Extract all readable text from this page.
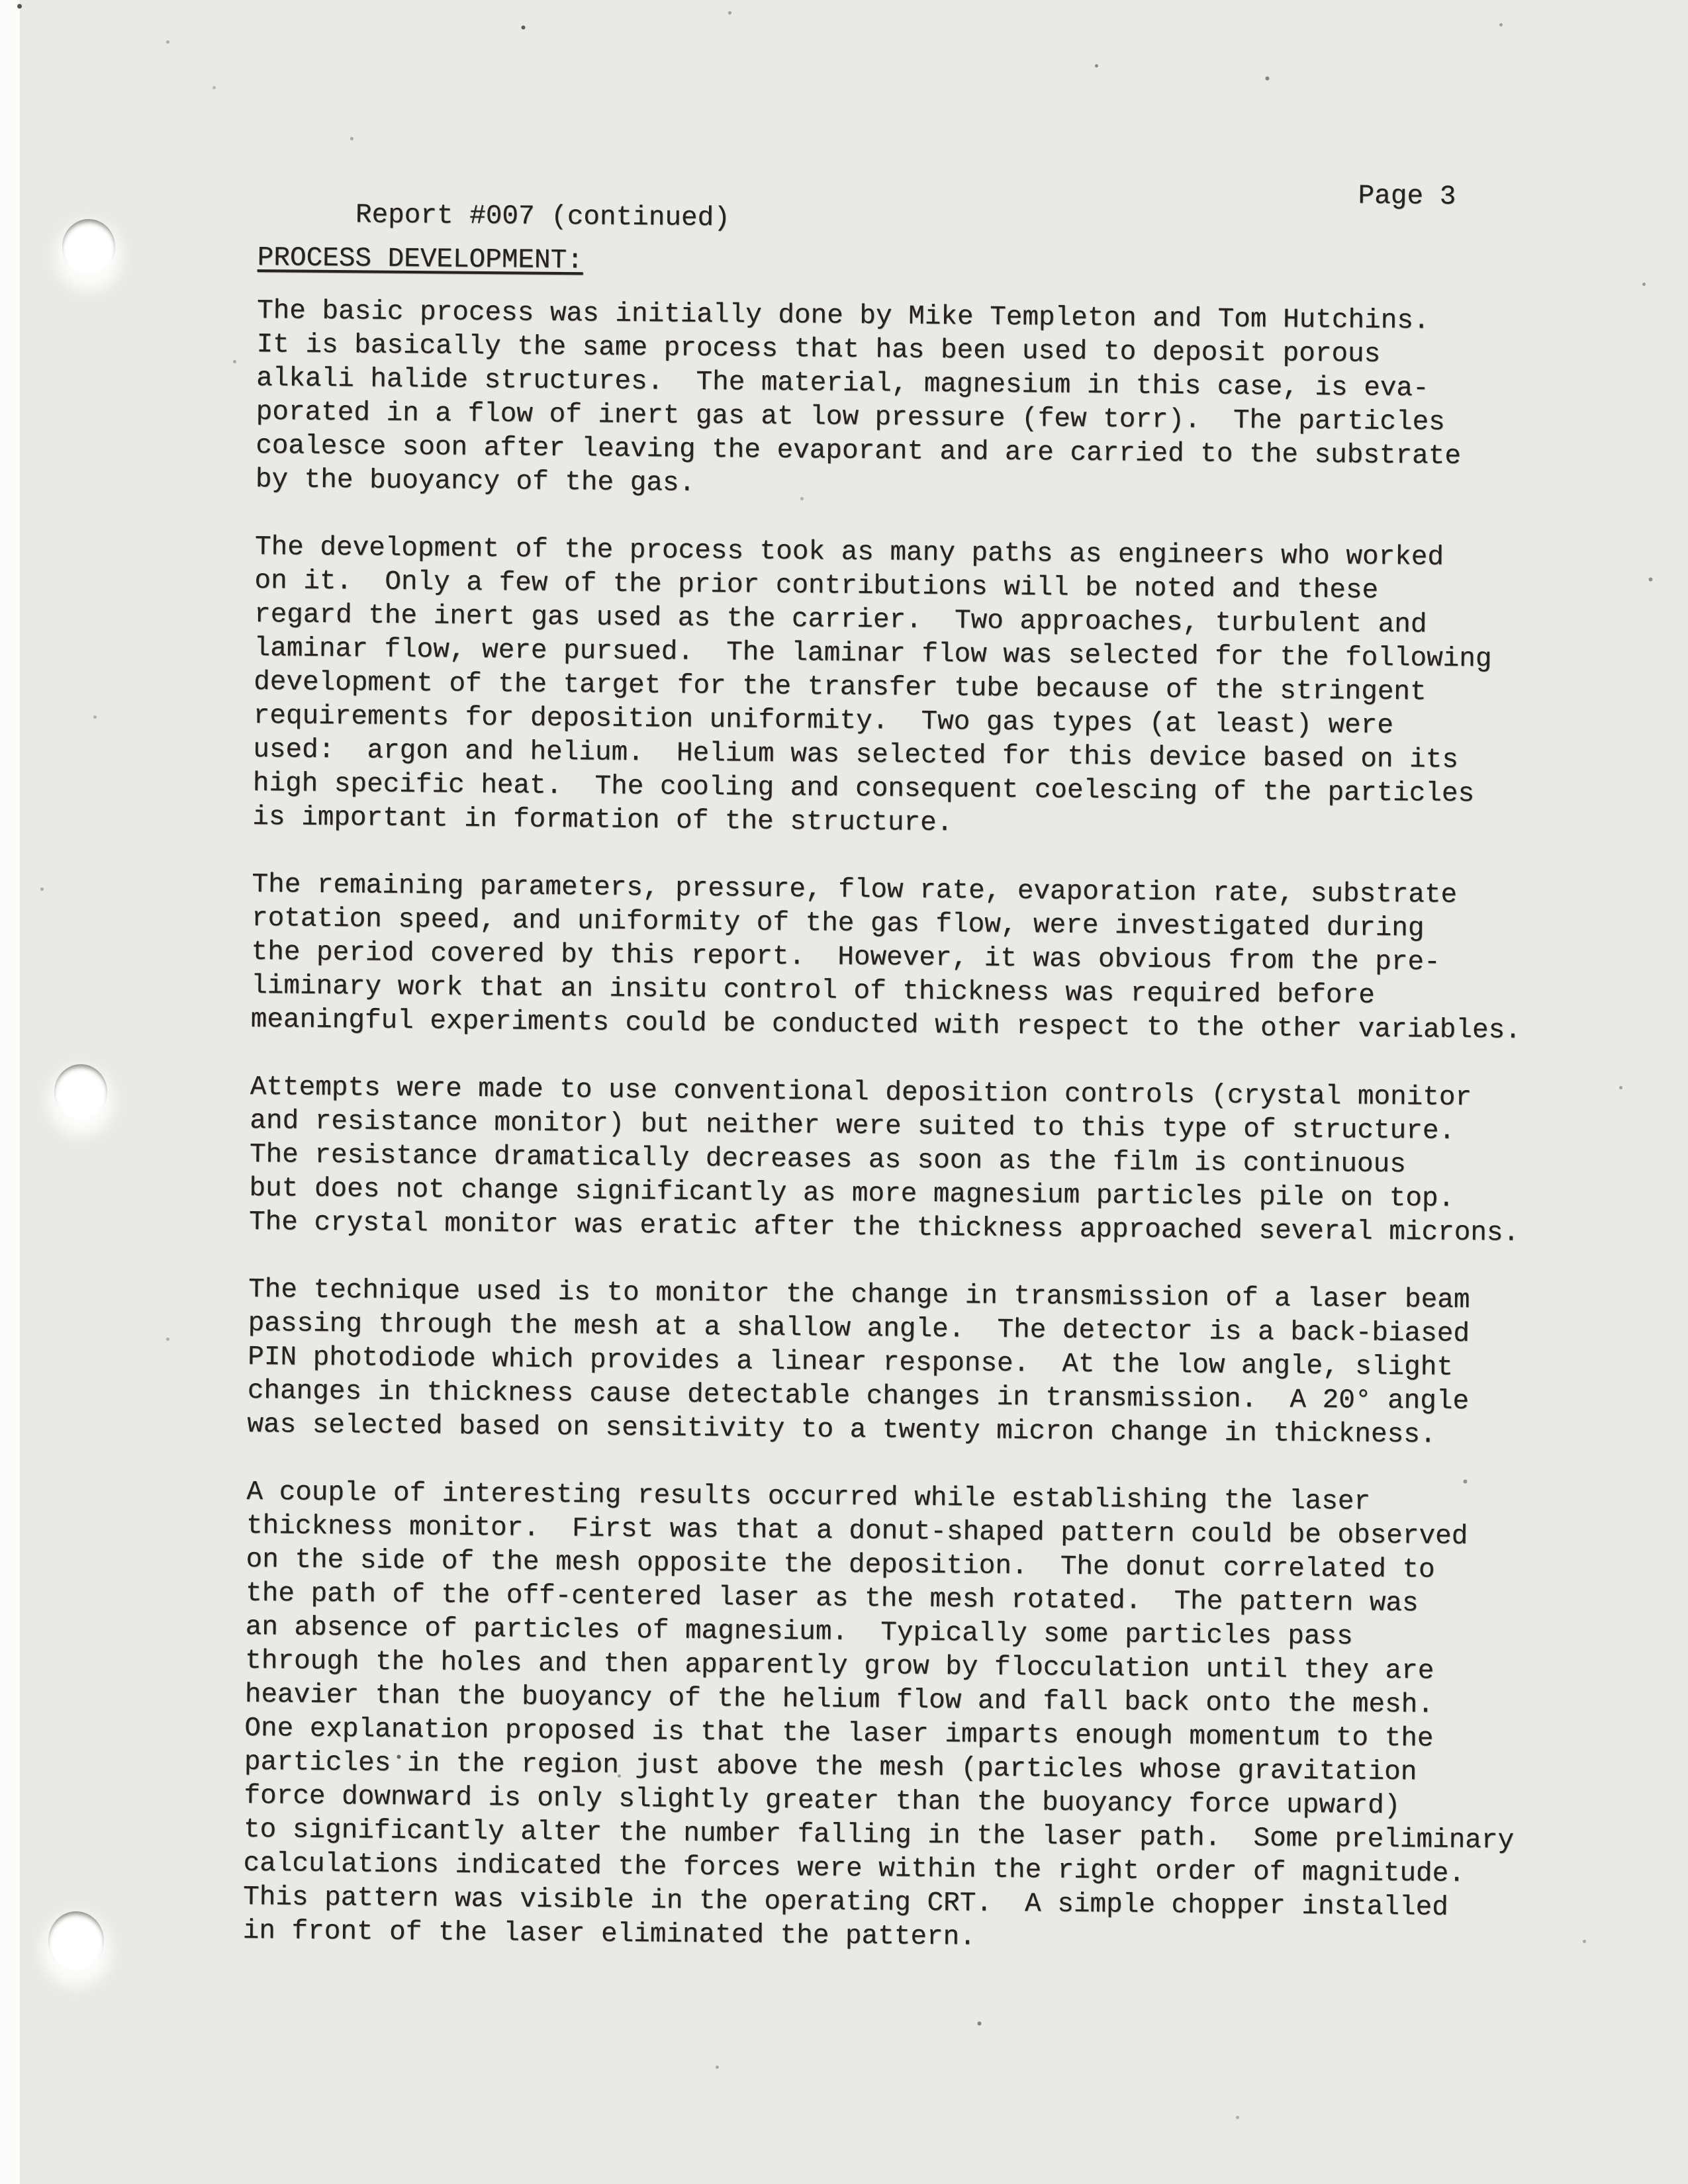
Report #007 (continued)

Page 3

PROCESS DEVELOPMENT:

The basic process was initially done by Mike Templeton and Tom Hutchins.
It is basically the same process that has been used to deposit porous
alkali halide structures.  The material, magnesium in this case, is eva-
porated in a flow of inert gas at low pressure (few torr).  The particles
coalesce soon after leaving the evaporant and are carried to the substrate
by the buoyancy of the gas.

The development of the process took as many paths as engineers who worked
on it.  Only a few of the prior contributions will be noted and these
regard the inert gas used as the carrier.  Two approaches, turbulent and
laminar flow, were pursued.  The laminar flow was selected for the following
development of the target for the transfer tube because of the stringent
requirements for deposition uniformity.  Two gas types (at least) were
used:  argon and helium.  Helium was selected for this device based on its
high specific heat.  The cooling and consequent coelescing of the particles
is important in formation of the structure.

The remaining parameters, pressure, flow rate, evaporation rate, substrate
rotation speed, and uniformity of the gas flow, were investigated during
the period covered by this report.  However, it was obvious from the pre-
liminary work that an insitu control of thickness was required before
meaningful experiments could be conducted with respect to the other variables.

Attempts were made to use conventional deposition controls (crystal monitor
and resistance monitor) but neither were suited to this type of structure.
The resistance dramatically decreases as soon as the film is continuous
but does not change significantly as more magnesium particles pile on top.
The crystal monitor was eratic after the thickness approached several microns.

The technique used is to monitor the change in transmission of a laser beam
passing through the mesh at a shallow angle.  The detector is a back-biased
PIN photodiode which provides a linear response.  At the low angle, slight
changes in thickness cause detectable changes in transmission.  A 20° angle
was selected based on sensitivity to a twenty micron change in thickness.

A couple of interesting results occurred while establishing the laser
thickness monitor.  First was that a donut-shaped pattern could be observed
on the side of the mesh opposite the deposition.  The donut correlated to
the path of the off-centered laser as the mesh rotated.  The pattern was
an absence of particles of magnesium.  Typically some particles pass
through the holes and then apparently grow by flocculation until they are
heavier than the buoyancy of the helium flow and fall back onto the mesh.
One explanation proposed is that the laser imparts enough momentum to the
particles in the region just above the mesh (particles whose gravitation
force downward is only slightly greater than the buoyancy force upward)
to significantly alter the number falling in the laser path.  Some preliminary
calculations indicated the forces were within the right order of magnitude.
This pattern was visible in the operating CRT.  A simple chopper installed
in front of the laser eliminated the pattern.
